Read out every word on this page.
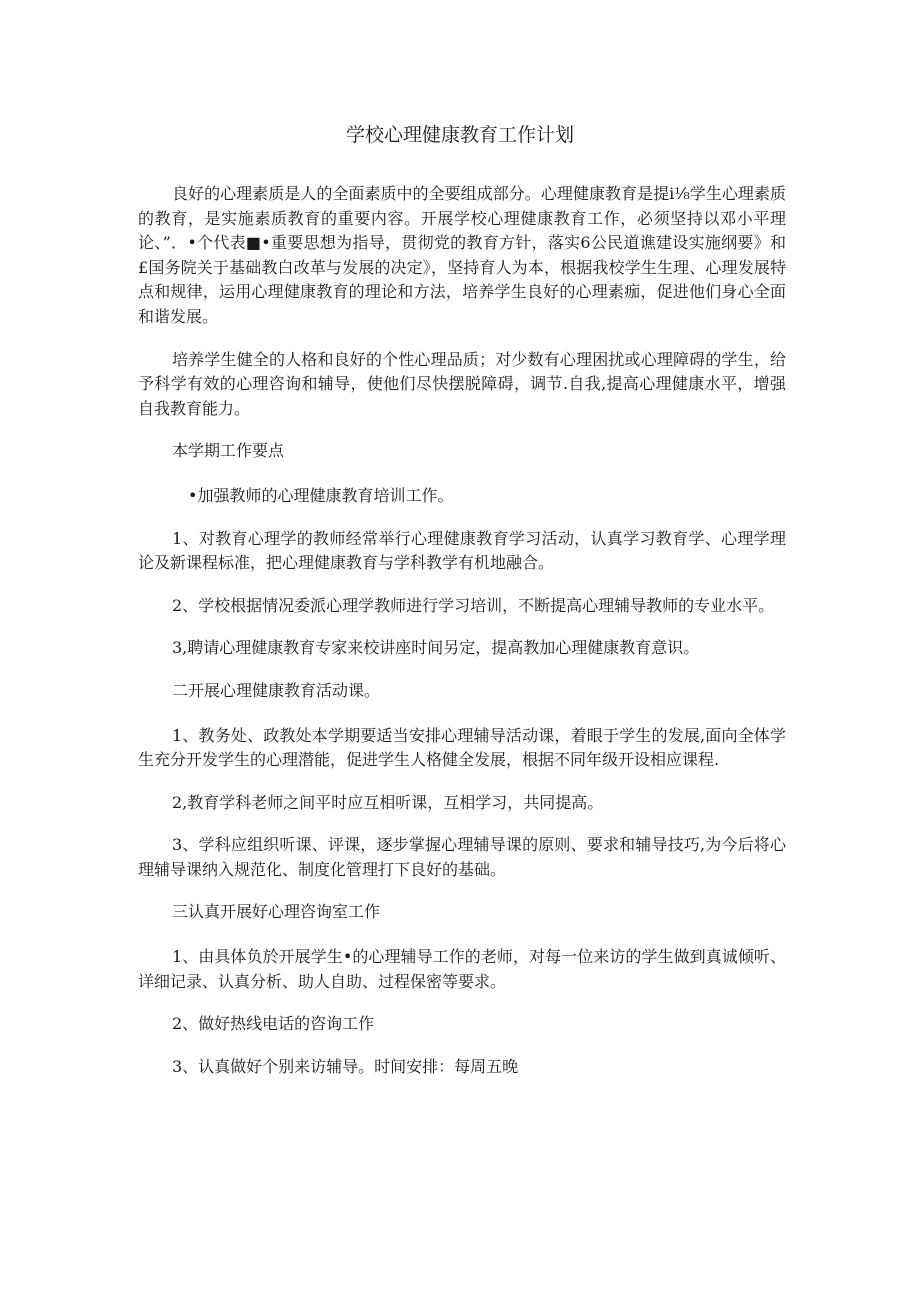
学校心理健康教育工作计划

良好的心理素质是人的全面素质中的全要组成部分。心理健康教育是提i⅛学生心理素质的教育，是实施素质教育的重要内容。开展学校心理健康教育工作，必须坚持以邓小平理论、”．•个代表■•重要思想为指导，贯彻党的教育方针，落实6公民道谯建设实施纲要》和£国务院关于基础教白改革与发展的决定》，坚持育人为本，根据我校学生生理、心理发展特点和规律，运用心理健康教育的理论和方法，培养学生良好的心理素痂，促进他们身心全面和谐发展。

培养学生健全的人格和良好的个性心理品质；对少数有心理困扰或心理障碍的学生，给予科学有效的心理咨询和辅导，使他们尽快摆脱障碍，调节.自我,提高心理健康水平，增强自我教育能力。

本学期工作要点

•加强教师的心理健康教育培训工作。

1、对教育心理学的教师经常举行心理健康教育学习活动，认真学习教育学、心理学理论及新课程标准，把心理健康教育与学科教学有机地融合。

2、学校根据情况委派心理学教师进行学习培训，不断提高心理辅导教师的专业水平。

3,聘请心理健康教育专家来校讲座时间另定，提高教加心理健康教育意识。

二开展心理健康教育活动课。

1、教务处、政教处本学期要适当安排心理辅导活动课，着眼于学生的发展,面向全体学生充分开发学生的心理潜能，促进学生人格健全发展，根据不同年级开设相应课程.

2,教育学科老师之间平时应互相听课，互相学习，共同提高。

3、学科应组织听课、评课，逐步掌握心理辅导课的原则、要求和辅导技巧,为今后将心理辅导课纳入规范化、制度化管理打下良好的基础。

三认真开展好心理咨询室工作

1、由具体负於开展学生•的心理辅导工作的老师，对每一位来访的学生做到真诚倾听、详细记录、认真分析、助人自助、过程保密等要求。

2、做好热线电话的咨询工作

3、认真做好个别来访辅导。时间安排：每周五晚
